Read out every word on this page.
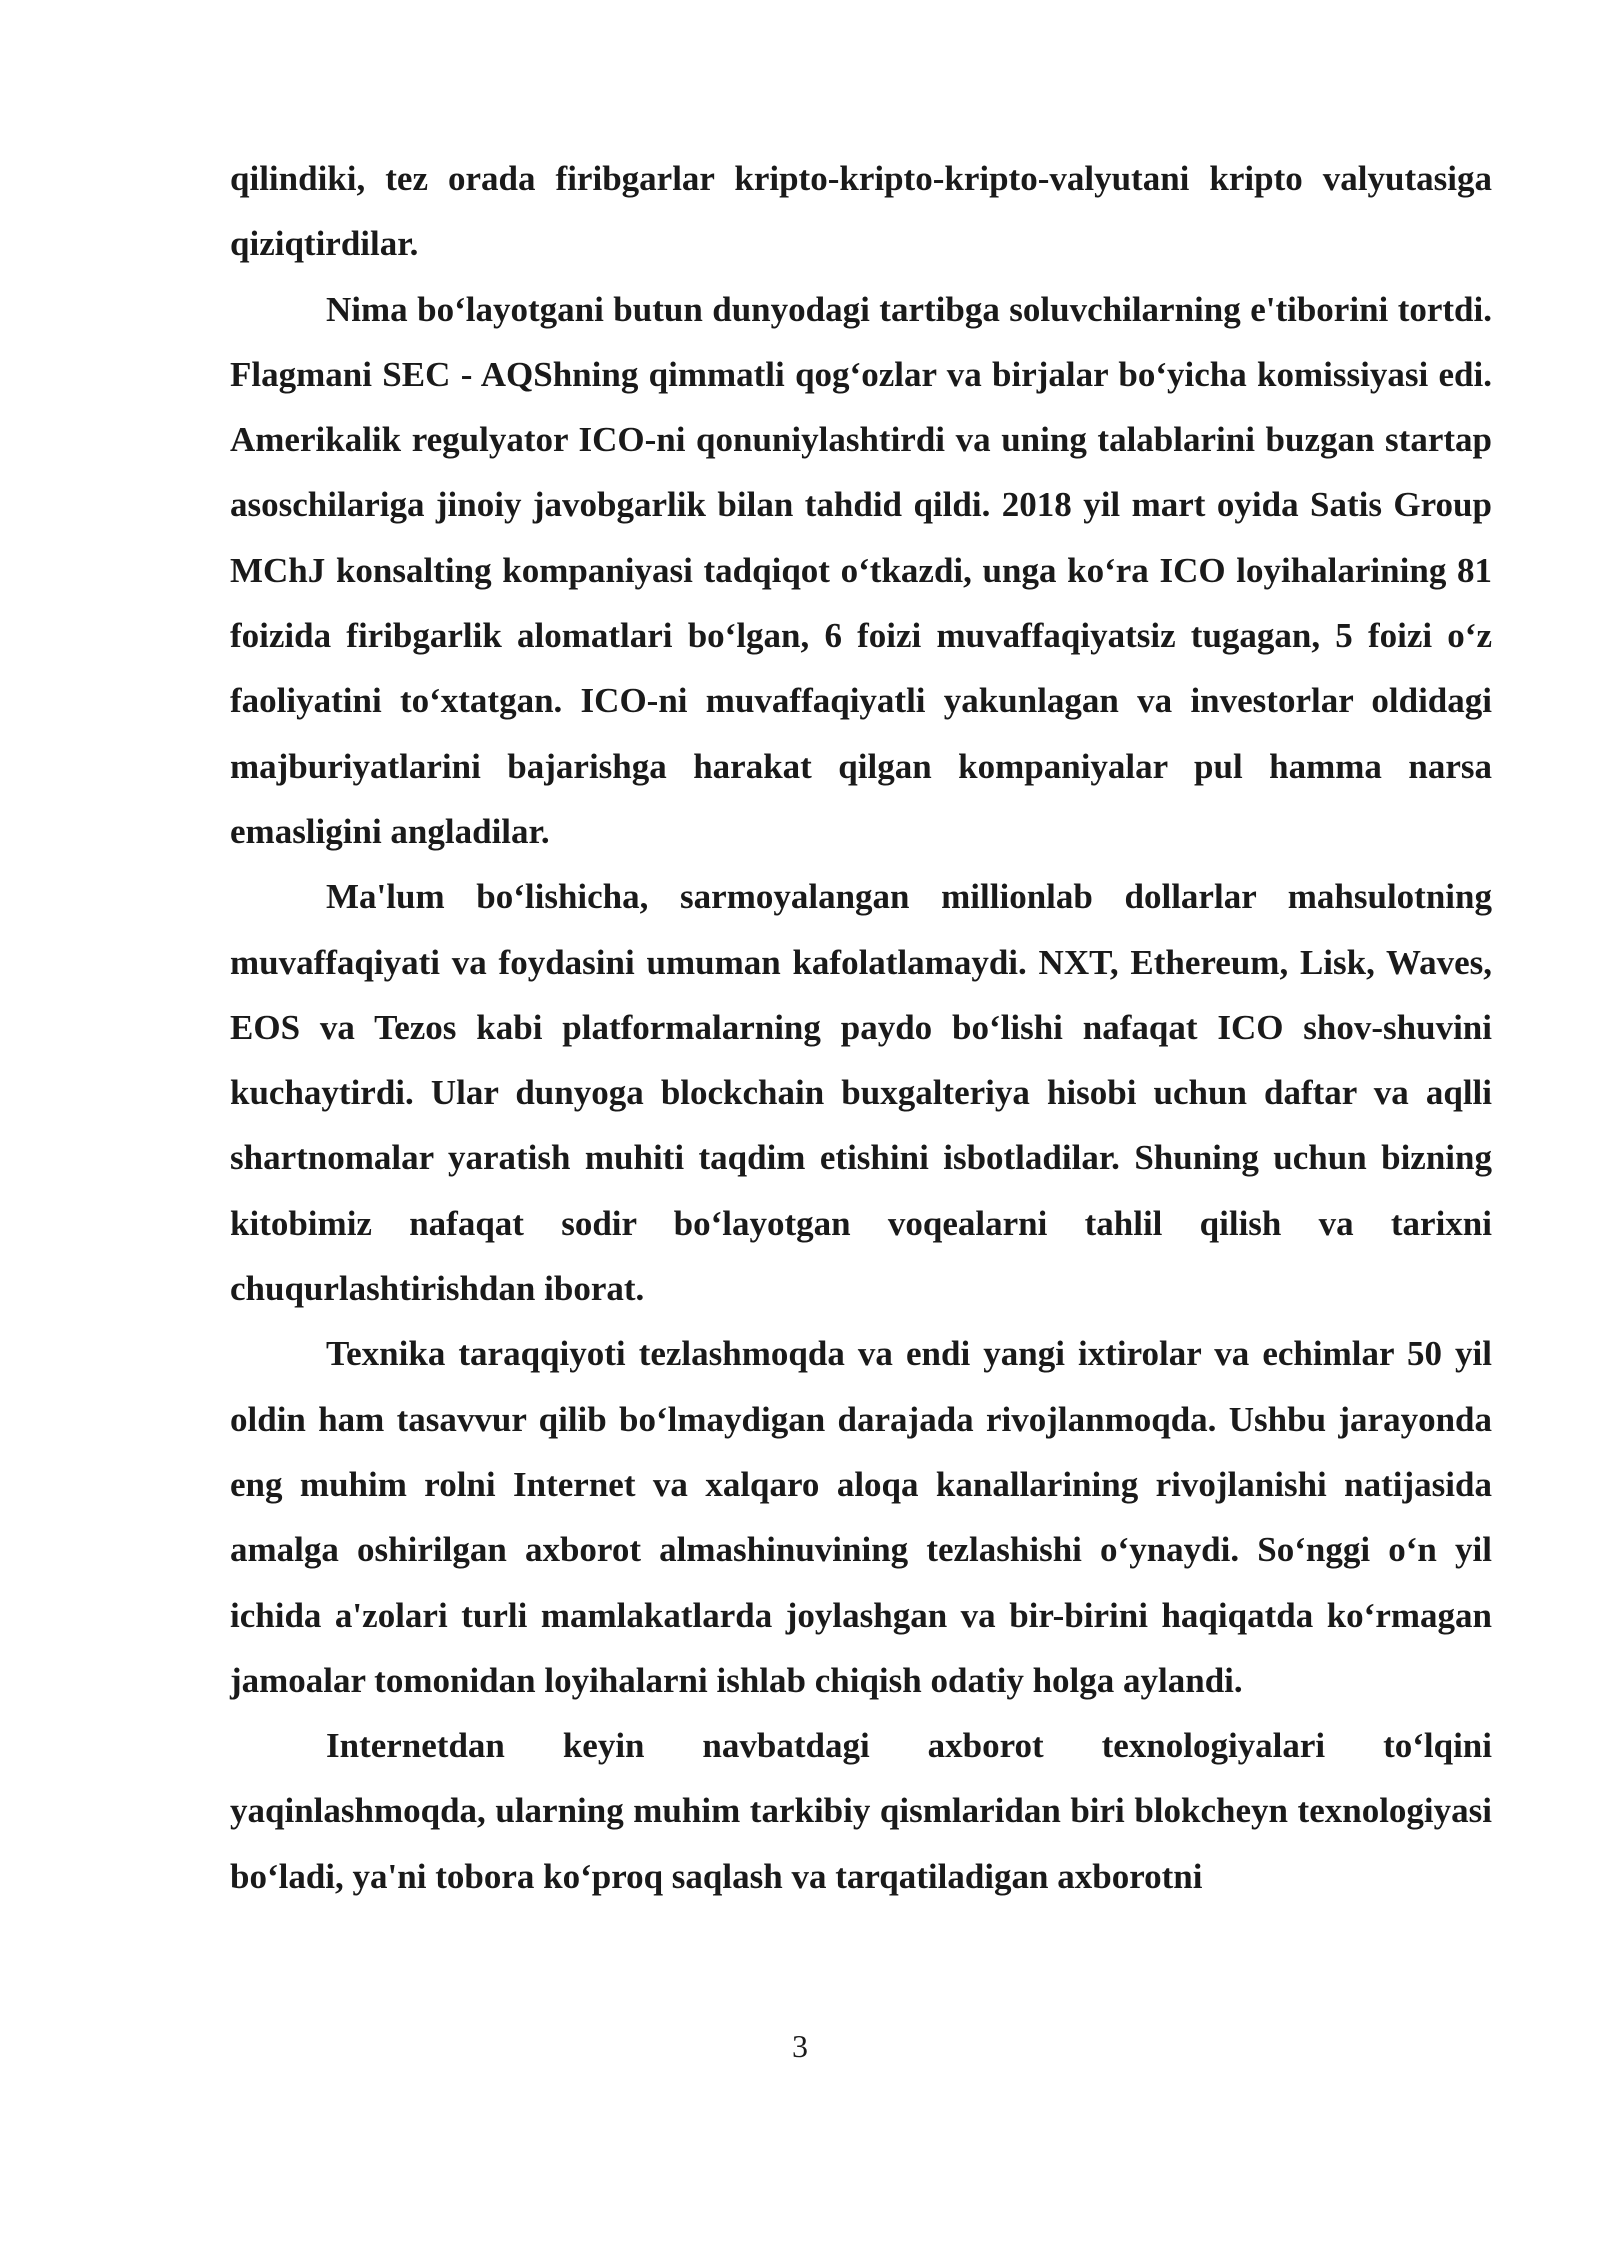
qilindiki, tez orada firibgarlar kripto-kripto-kripto-valyutani kripto valyutasiga qiziqtirdilar.

Nima boʻlayotgani butun dunyodagi tartibga soluvchilarning e'tiborini tortdi. Flagmani SEC - AQShning qimmatli qogʻozlar va birjalar boʻyicha komissiyasi edi. Amerikalik regulyator ICO-ni qonuniylashtirdi va uning talablarini buzgan startap asoschilariga jinoiy javobgarlik bilan tahdid qildi. 2018 yil mart oyida Satis Group MChJ konsalting kompaniyasi tadqiqot oʻtkazdi, unga koʻra ICO loyihalarining 81 foizida firibgarlik alomatlari boʻlgan, 6 foizi muvaffaqiyatsiz tugagan, 5 foizi oʻz faoliyatini toʻxtatgan. ICO-ni muvaffaqiyatli yakunlagan va investorlar oldidagi majburiyatlarini bajarishga harakat qilgan kompaniyalar pul hamma narsa emasligini angladilar.

Ma'lum boʻlishicha, sarmoyalangan millionlab dollarlar mahsulotning muvaffaqiyati va foydasini umuman kafolatlamaydi. NXT, Ethereum, Lisk, Waves, EOS va Tezos kabi platformalarning paydo boʻlishi nafaqat ICO shov-shuvini kuchaytirdi. Ular dunyoga blockchain buxgalteriya hisobi uchun daftar va aqlli shartnomalar yaratish muhiti taqdim etishini isbotladilar. Shuning uchun bizning kitobimiz nafaqat sodir boʻlayotgan voqealarni tahlil qilish va tarixni chuqurlashtirishdan iborat.

Texnika taraqqiyoti tezlashmoqda va endi yangi ixtirolar va echimlar 50 yil oldin ham tasavvur qilib boʻlmaydigan darajada rivojlanmoqda. Ushbu jarayonda eng muhim rolni Internet va xalqaro aloqa kanallarining rivojlanishi natijasida amalga oshirilgan axborot almashinuvining tezlashishi oʻynaydi. Soʻnggi oʻn yil ichida a'zolari turli mamlakatlarda joylashgan va bir-birini haqiqatda koʻrmagan jamoalar tomonidan loyihalarni ishlab chiqish odatiy holga aylandi.

Internetdan keyin navbatdagi axborot texnologiyalari toʻlqini yaqinlashmoqda, ularning muhim tarkibiy qismlaridan biri blokcheyn texnologiyasi boʻladi, ya'ni tobora koʻproq saqlash va tarqatiladigan axborotni

3
